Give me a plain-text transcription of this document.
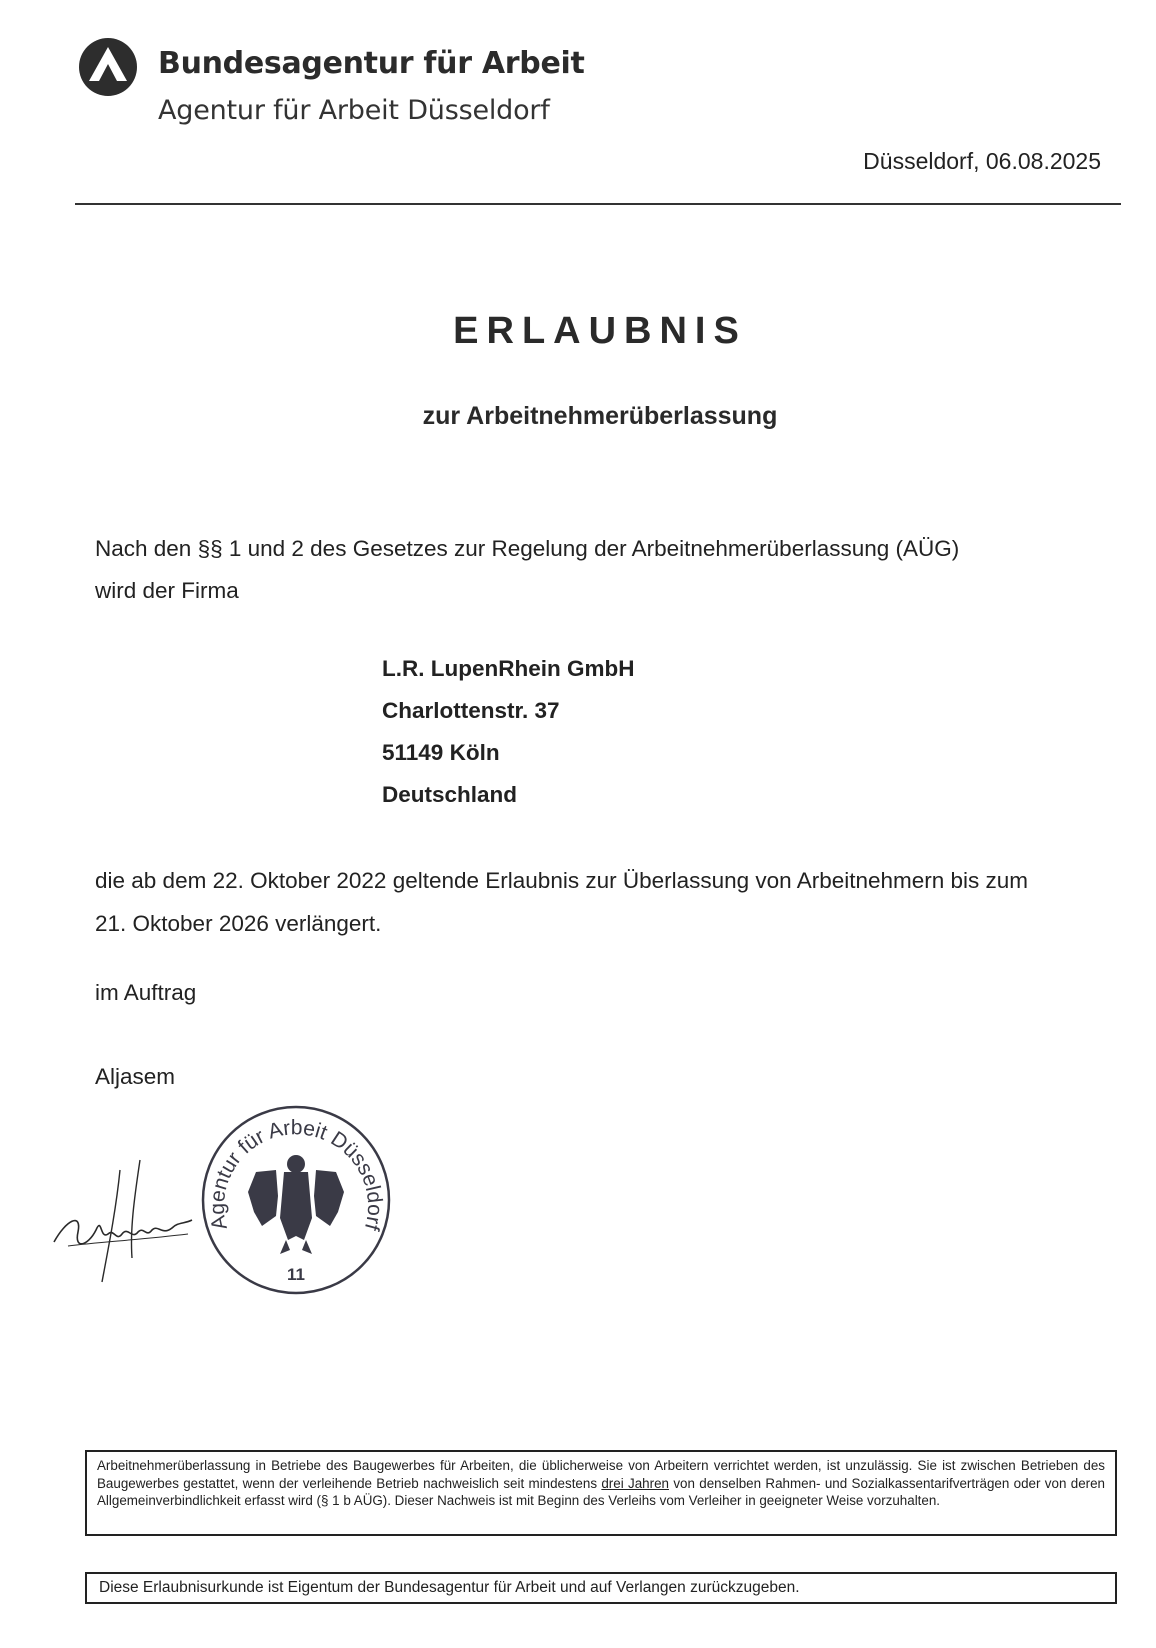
Bundesagentur für Arbeit
Agentur für Arbeit Düsseldorf
Düsseldorf, 06.08.2025
ERLAUBNIS
zur Arbeitnehmerüberlassung
Nach den §§ 1 und 2 des Gesetzes zur Regelung der Arbeitnehmerüberlassung (AÜG)
wird der Firma
L.R. LupenRhein GmbH
Charlottenstr. 37
51149 Köln
Deutschland
die ab dem 22. Oktober 2022 geltende Erlaubnis zur Überlassung von Arbeitnehmern bis zum
21. Oktober 2026 verlängert.
im Auftrag
Aljasem
Agentur für Arbeit Düsseldorf
11
Arbeitnehmerüberlassung in Betriebe des Baugewerbes für Arbeiten, die üblicherweise von Arbeitern verrichtet werden, ist unzulässig. Sie ist zwischen Betrieben des Baugewerbes gestattet, wenn der verleihende Betrieb nachweislich seit mindestens drei Jahren von denselben Rahmen- und Sozialkassentarifverträgen oder von deren Allgemeinverbindlichkeit erfasst wird (§ 1 b AÜG). Dieser Nachweis ist mit Beginn des Verleihs vom Verleiher in geeigneter Weise vorzuhalten.
Diese Erlaubnisurkunde ist Eigentum der Bundesagentur für Arbeit und auf Verlangen zurückzugeben.
